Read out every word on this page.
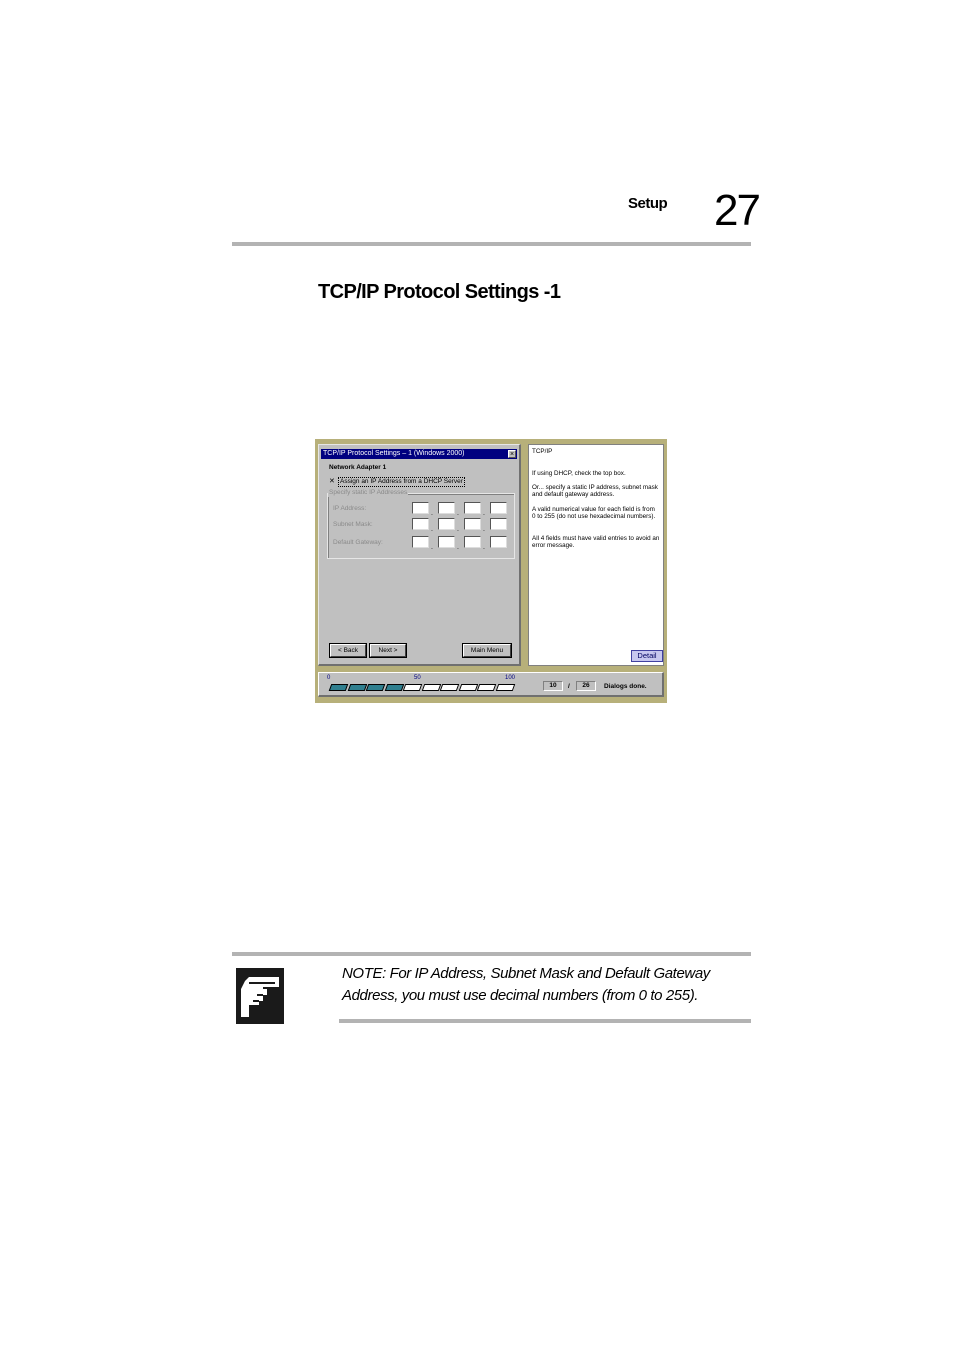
Setup 27
TCP/IP Protocol Settings -1
TCP/IP Protocol Settings – 1 (Windows 2000)	×
Network Adapter 1
✕ Assign an IP Address from a DHCP Server
Specify static IP Addresses
IP Address:
.	.	.
Subnet Mask:
.	.	.
Default Gateway:
.	.	.
< Back	Next >	Main Menu

TCP/IP

If using DHCP, check the top box.

Or... specify a static IP address, subnet mask and default gateway address.

A valid numerical value for each field is from 0 to 255 (do not use hexadecimal numbers).

All 4 fields must have valid entries to avoid an error message.

Detail
0	50	100
10	/	26	Dialogs done.
NOTE: For IP Address, Subnet Mask and Default Gateway Address, you must use decimal numbers (from 0 to 255).
